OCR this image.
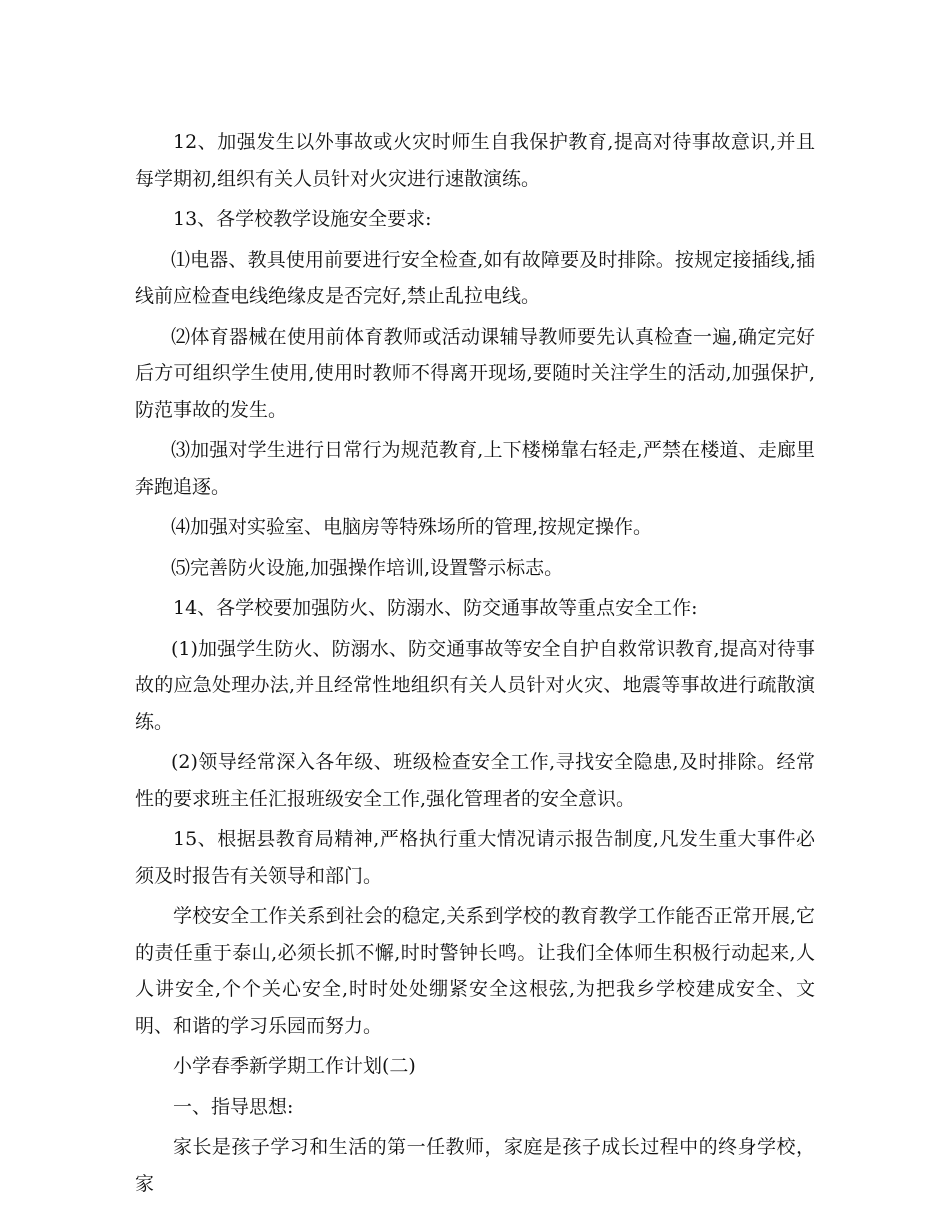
12、加强发生以外事故或火灾时师生自我保护教育,提高对待事故意识,并且每学期初,组织有关人员针对火灾进行速散演练。

13、各学校教学设施安全要求:

⑴电器、教具使用前要进行安全检查,如有故障要及时排除。按规定接插线,插线前应检查电线绝缘皮是否完好,禁止乱拉电线。

⑵体育器械在使用前体育教师或活动课辅导教师要先认真检查一遍,确定完好后方可组织学生使用,使用时教师不得离开现场,要随时关注学生的活动,加强保护,防范事故的发生。

⑶加强对学生进行日常行为规范教育,上下楼梯靠右轻走,严禁在楼道、走廊里奔跑追逐。

⑷加强对实验室、电脑房等特殊场所的管理,按规定操作。

⑸完善防火设施,加强操作培训,设置警示标志。

14、各学校要加强防火、防溺水、防交通事故等重点安全工作:

(1)加强学生防火、防溺水、防交通事故等安全自护自救常识教育,提高对待事故的应急处理办法,并且经常性地组织有关人员针对火灾、地震等事故进行疏散演练。

(2)领导经常深入各年级、班级检查安全工作,寻找安全隐患,及时排除。经常性的要求班主任汇报班级安全工作,强化管理者的安全意识。

15、根据县教育局精神,严格执行重大情况请示报告制度,凡发生重大事件必须及时报告有关领导和部门。

学校安全工作关系到社会的稳定,关系到学校的教育教学工作能否正常开展,它的责任重于泰山,必须长抓不懈,时时警钟长鸣。让我们全体师生积极行动起来,人人讲安全,个个关心安全,时时处处绷紧安全这根弦,为把我乡学校建成安全、文明、和谐的学习乐园而努力。

小学春季新学期工作计划(二)

一、指导思想:

家长是孩子学习和生活的第一任教师，家庭是孩子成长过程中的终身学校，家
